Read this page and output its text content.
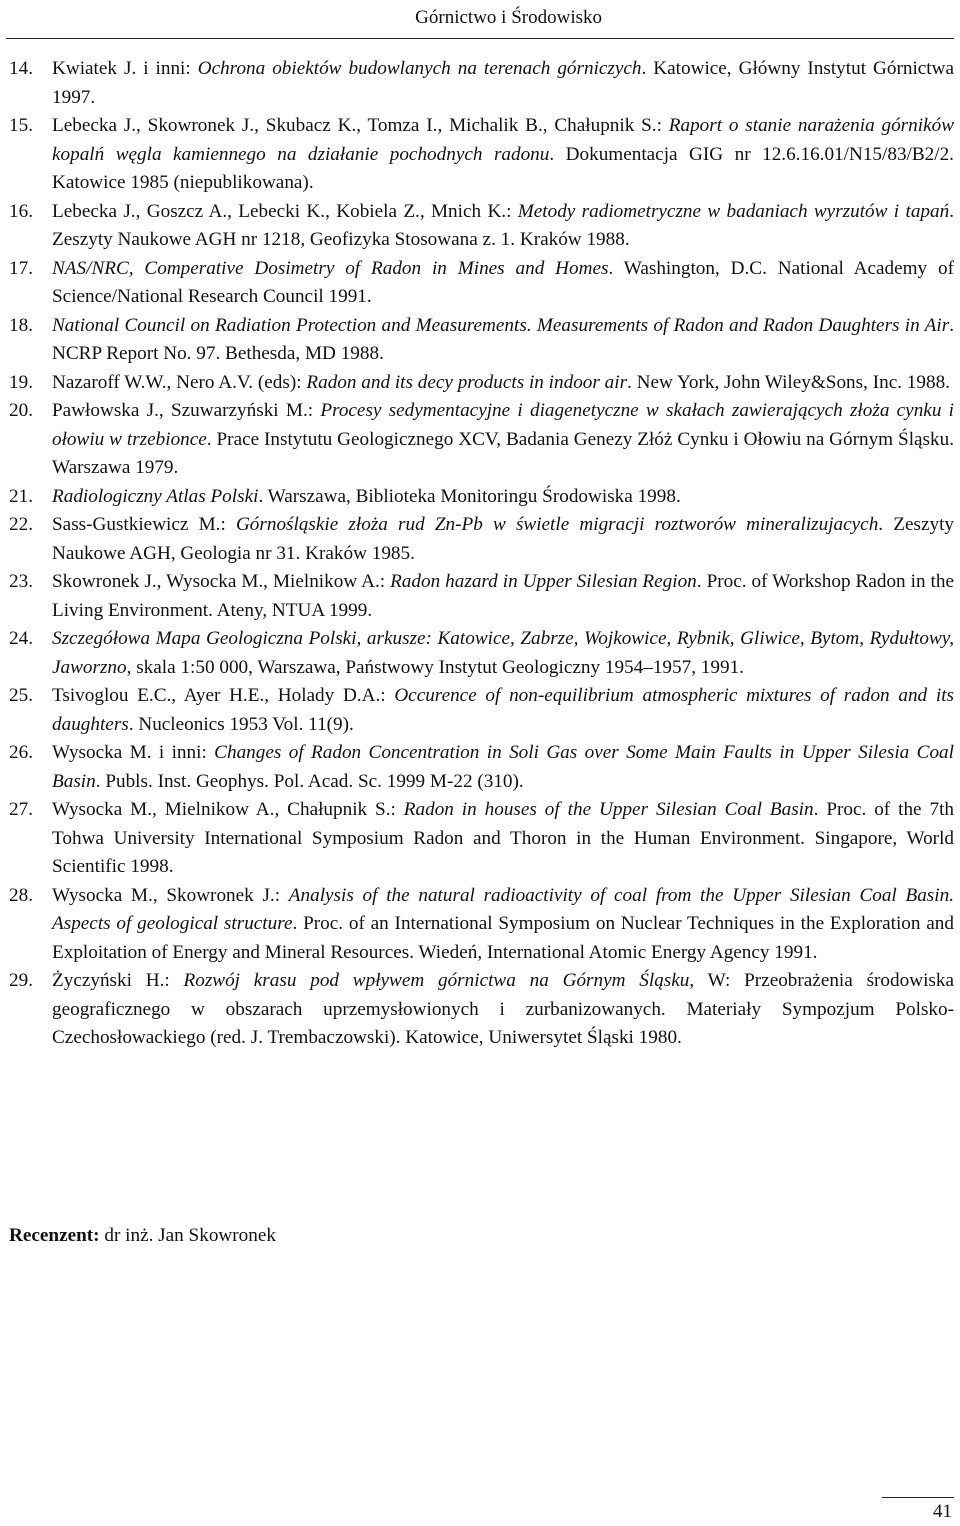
Górnictwo i Środowisko
14. Kwiatek J. i inni: Ochrona obiektów budowlanych na terenach górniczych. Katowice, Główny Instytut Górnictwa 1997.
15. Lebecka J., Skowronek J., Skubacz K., Tomza I., Michalik B., Chałupnik S.: Raport o stanie narażenia górników kopalń węgla kamiennego na działanie pochodnych radonu. Dokumentacja GIG nr 12.6.16.01/N15/83/B2/2. Katowice 1985 (niepublikowana).
16. Lebecka J., Goszcz A., Lebecki K., Kobiela Z., Mnich K.: Metody radiometryczne w badaniach wyrzutów i tapań. Zeszyty Naukowe AGH nr 1218, Geofizyka Stosowana z. 1. Kraków 1988.
17. NAS/NRC, Comperative Dosimetry of Radon in Mines and Homes. Washington, D.C. National Academy of Science/National Research Council 1991.
18. National Council on Radiation Protection and Measurements. Measurements of Radon and Radon Daughters in Air. NCRP Report No. 97. Bethesda, MD 1988.
19. Nazaroff W.W., Nero A.V. (eds): Radon and its decy products in indoor air. New York, John Wiley&Sons, Inc. 1988.
20. Pawłowska J., Szuwarzyński M.: Procesy sedymentacyjne i diagenetyczne w skałach zawierających złoża cynku i ołowiu w trzebionce. Prace Instytutu Geologicznego XCV, Badania Genezy Złóż Cynku i Ołowiu na Górnym Śląsku. Warszawa 1979.
21. Radiologiczny Atlas Polski. Warszawa, Biblioteka Monitoringu Środowiska 1998.
22. Sass-Gustkiewicz M.: Górnośląskie złoża rud Zn-Pb w świetle migracji roztworów mineralizujacych. Zeszyty Naukowe AGH, Geologia nr 31. Kraków 1985.
23. Skowronek J., Wysocka M., Mielnikow A.: Radon hazard in Upper Silesian Region. Proc. of Workshop Radon in the Living Environment. Ateny, NTUA 1999.
24. Szczegółowa Mapa Geologiczna Polski, arkusze: Katowice, Zabrze, Wojkowice, Rybnik, Gliwice, Bytom, Rydułtowy, Jaworzno, skala 1:50 000, Warszawa, Państwowy Instytut Geologiczny 1954–1957, 1991.
25. Tsivoglou E.C., Ayer H.E., Holady D.A.: Occurence of non-equilibrium atmospheric mixtures of radon and its daughters. Nucleonics 1953 Vol. 11(9).
26. Wysocka M. i inni: Changes of Radon Concentration in Soli Gas over Some Main Faults in Upper Silesia Coal Basin. Publs. Inst. Geophys. Pol. Acad. Sc. 1999 M-22 (310).
27. Wysocka M., Mielnikow A., Chałupnik S.: Radon in houses of the Upper Silesian Coal Basin. Proc. of the 7th Tohwa University International Symposium Radon and Thoron in the Human Environment. Singapore, World Scientific 1998.
28. Wysocka M., Skowronek J.: Analysis of the natural radioactivity of coal from the Upper Silesian Coal Basin. Aspects of geological structure. Proc. of an International Symposium on Nuclear Techniques in the Exploration and Exploitation of Energy and Mineral Resources. Wiedeń, International Atomic Energy Agency 1991.
29. Życzyński H.: Rozwój krasu pod wpływem górnictwa na Górnym Śląsku, W: Przeobrażenia środowiska geograficznego w obszarach uprzemysłowionych i zurbanizowanych. Materiały Sympozjum Polsko-Czechosłowackiego (red. J. Trembaczowski). Katowice, Uniwersytet Śląski 1980.
Recenzent: dr inż. Jan Skowronek
41
